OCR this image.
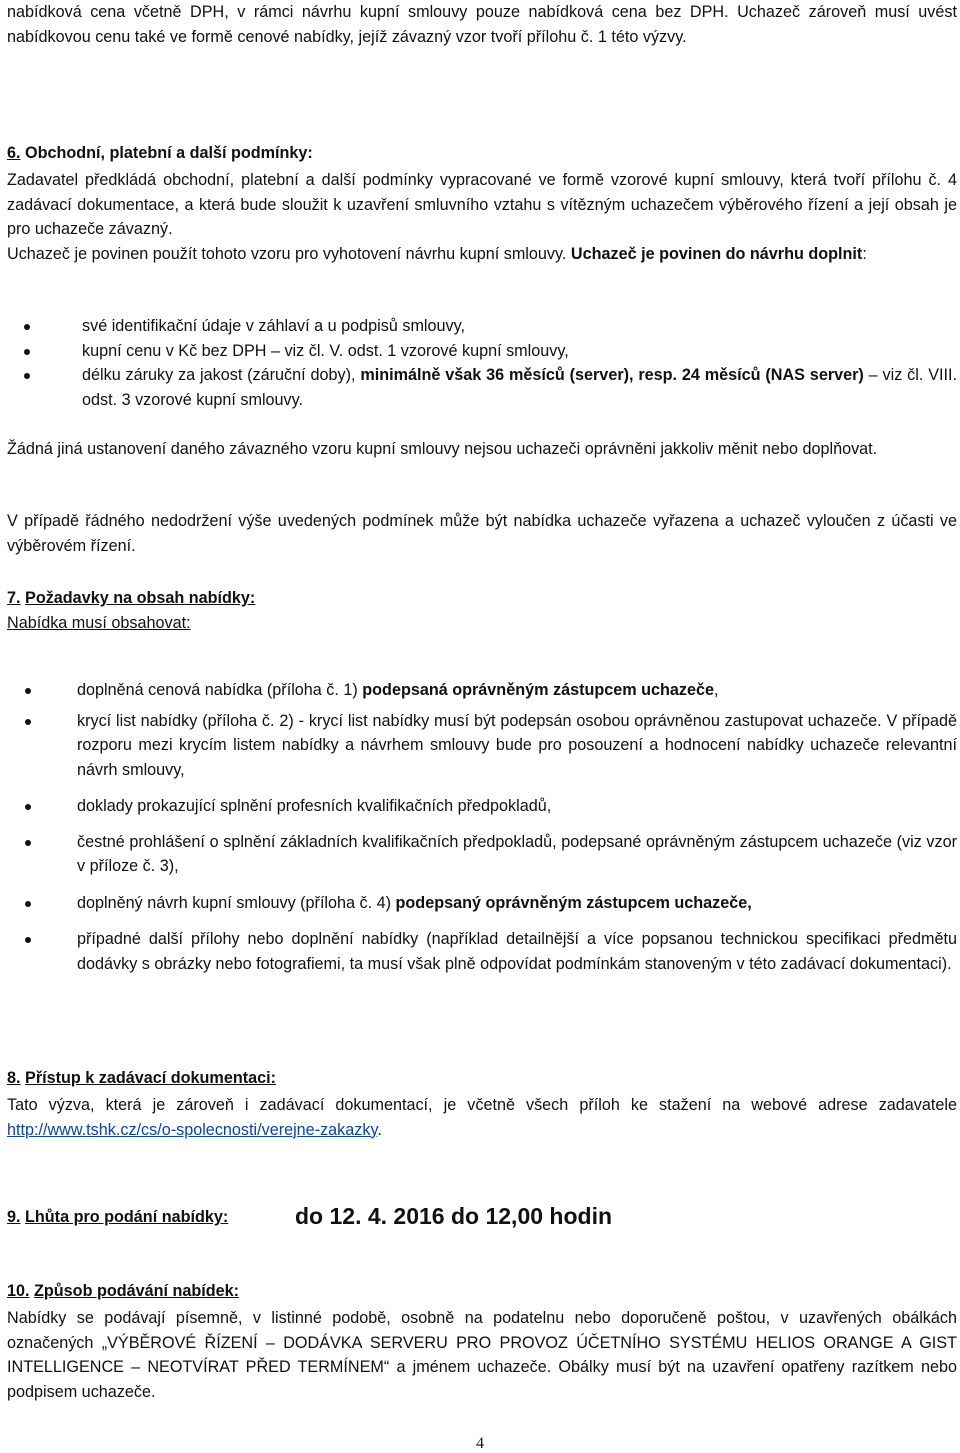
nabídková cena včetně DPH, v rámci návrhu kupní smlouvy pouze nabídková cena bez DPH. Uchazeč zároveň musí uvést nabídkovou cenu také ve formě cenové nabídky, jejíž závazný vzor tvoří přílohu č. 1 této výzvy.

6. Obchodní, platební a další podmínky:

Zadavatel předkládá obchodní, platební a další podmínky vypracované ve formě vzorové kupní smlouvy, která tvoří přílohu č. 4 zadávací dokumentace, a která bude sloužit k uzavření smluvního vztahu s vítězným uchazečem výběrového řízení a její obsah je pro uchazeče závazný.

Uchazeč je povinen použít tohoto vzoru pro vyhotovení návrhu kupní smlouvy. Uchazeč je povinen do návrhu doplnit:

své identifikační údaje v záhlaví a u podpisů smlouvy,
kupní cenu v Kč bez DPH – viz čl. V. odst. 1 vzorové kupní smlouvy,
délku záruky za jakost (záruční doby), minimálně však 36 měsíců (server), resp. 24 měsíců (NAS server) – viz čl. VIII. odst. 3 vzorové kupní smlouvy.

Žádná jiná ustanovení daného závazného vzoru kupní smlouvy nejsou uchazeči oprávněni jakkoliv měnit nebo doplňovat.

V případě řádného nedodržení výše uvedených podmínek může být nabídka uchazeče vyřazena a uchazeč vyloučen z účasti ve výběrovém řízení.

7. Požadavky na obsah nabídky:
Nabídka musí obsahovat:
doplněná cenová nabídka (příloha č. 1) podepsaná oprávněným zástupcem uchazeče,
krycí list nabídky (příloha č. 2) - krycí list nabídky musí být podepsán osobou oprávněnou zastupovat uchazeče. V případě rozporu mezi krycím listem nabídky a návrhem smlouvy bude pro posouzení a hodnocení nabídky uchazeče relevantní návrh smlouvy,
doklady prokazující splnění profesních kvalifikačních předpokladů,
čestné prohlášení o splnění základních kvalifikačních předpokladů, podepsané oprávněným zástupcem uchazeče (viz vzor v příloze č. 3),
doplněný návrh kupní smlouvy (příloha č. 4) podepsaný oprávněným zástupcem uchazeče,
případné další přílohy nebo doplnění nabídky (například detailnější a více popsanou technickou specifikaci předmětu dodávky s obrázky nebo fotografiemi, ta musí však plně odpovídat podmínkám stanoveným v této zadávací dokumentaci).
8. Přístup k zadávací dokumentaci:

Tato výzva, která je zároveň i zadávací dokumentací, je včetně všech příloh ke stažení na webové adrese zadavatele http://www.tshk.cz/cs/o-spolecnosti/verejne-zakazky.

9. Lhůta pro podání nabídky:	do 12. 4. 2016 do 12,00 hodin
10. Způsob podávání nabídek:

Nabídky se podávají písemně, v listinné podobě, osobně na podatelnu nebo doporučeně poštou, v uzavřených obálkách označených „VÝBĚROVÉ ŘÍZENÍ – DODÁVKA SERVERU PRO PROVOZ ÚČETNÍHO SYSTÉMU HELIOS ORANGE A GIST INTELLIGENCE – NEOTVÍRAT PŘED TERMÍNEM“ a jménem uchazeče. Obálky musí být na uzavření opatřeny razítkem nebo podpisem uchazeče.

4
